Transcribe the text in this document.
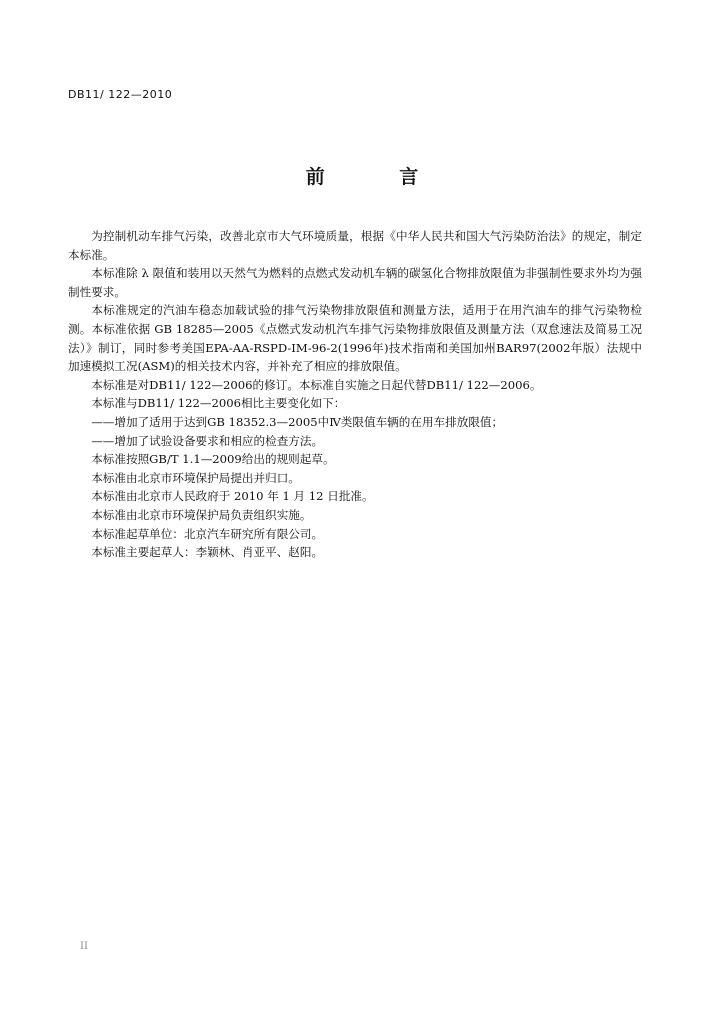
DB11/ 122—2010
前 言

为控制机动车排气污染，改善北京市大气环境质量，根据《中华人民共和国大气污染防治法》的规定，制定本标准。

本标准除 λ 限值和装用以天然气为燃料的点燃式发动机车辆的碳氢化合物排放限值为非强制性要求外均为强制性要求。

本标准规定的汽油车稳态加载试验的排气污染物排放限值和测量方法，适用于在用汽油车的排气污染物检测。本标准依据 GB 18285—2005《点燃式发动机汽车排气污染物排放限值及测量方法（双怠速法及简易工况法）》制订，同时参考美国EPA-AA-RSPD-IM-96-2(1996年)技术指南和美国加州BAR97(2002年版）法规中加速模拟工况(ASM)的相关技术内容，并补充了相应的排放限值。

本标准是对DB11/ 122—2006的修订。本标准自实施之日起代替DB11/ 122—2006。

本标准与DB11/ 122—2006相比主要变化如下：

——增加了适用于达到GB 18352.3—2005中Ⅳ类限值车辆的在用车排放限值；

——增加了试验设备要求和相应的检查方法。

本标准按照GB/T 1.1—2009给出的规则起草。

本标准由北京市环境保护局提出并归口。

本标准由北京市人民政府于 2010 年 1 月 12 日批准。

本标准由北京市环境保护局负责组织实施。

本标准起草单位：北京汽车研究所有限公司。

本标准主要起草人：李颖林、肖亚平、赵阳。

II
